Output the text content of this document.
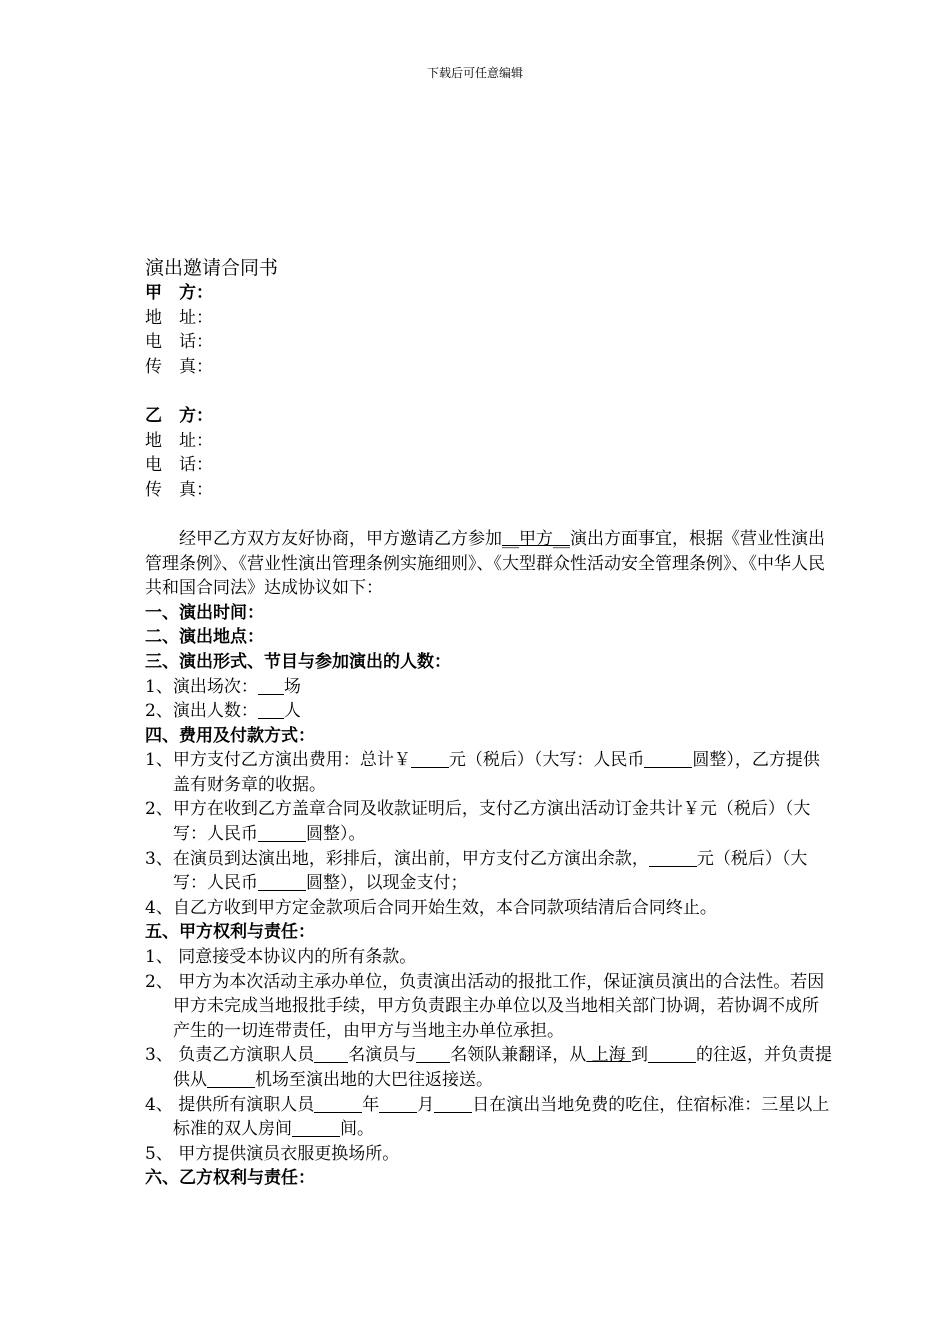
下载后可任意编辑
演出邀请合同书
甲　方：
地　址：
电　话：
传　真：
乙　方：
地　址：
电　话：
传　真：
经甲乙方双方友好协商，甲方邀请乙方参加__甲方__演出方面事宜，根据《营业性演出管理条例》、《营业性演出管理条例实施细则》、《大型群众性活动安全管理条例》、《中华人民共和国合同法》达成协议如下：
一、演出时间：
二、演出地点：
三、演出形式、节目与参加演出的人数：
1、演出场次： 场
2、演出人数： 人
四、费用及付款方式：
1、甲方支付乙方演出费用：总计￥ 元（税后）（大写：人民币	圆整），乙方提供盖有财务章的收据。
2、甲方在收到乙方盖章合同及收款证明后，支付乙方演出活动订金共计￥元（税后）（大写：人民币	圆整）。
3、在演员到达演出地，彩排后，演出前，甲方支付乙方演出余款，	元（税后）（大写：人民币	圆整），以现金支付；
4、自乙方收到甲方定金款项后合同开始生效，本合同款项结清后合同终止。
五、甲方权利与责任：
1、 同意接受本协议内的所有条款。
2、 甲方为本次活动主承办单位，负责演出活动的报批工作，保证演员演出的合法性。若因甲方未完成当地报批手续，甲方负责跟主办单位以及当地相关部门协调，若协调不成所产生的一切连带责任，由甲方与当地主办单位承担。
3、 负责乙方演职人员 名演员与 名领队兼翻译，从 上海 到	的往返，并负责提供从	机场至演出地的大巴往返接送。
4、 提供所有演职人员	年 月 日在演出当地免费的吃住，住宿标准：三星以上标准的双人房间	间。
5、 甲方提供演员衣服更换场所。
六、乙方权利与责任：
